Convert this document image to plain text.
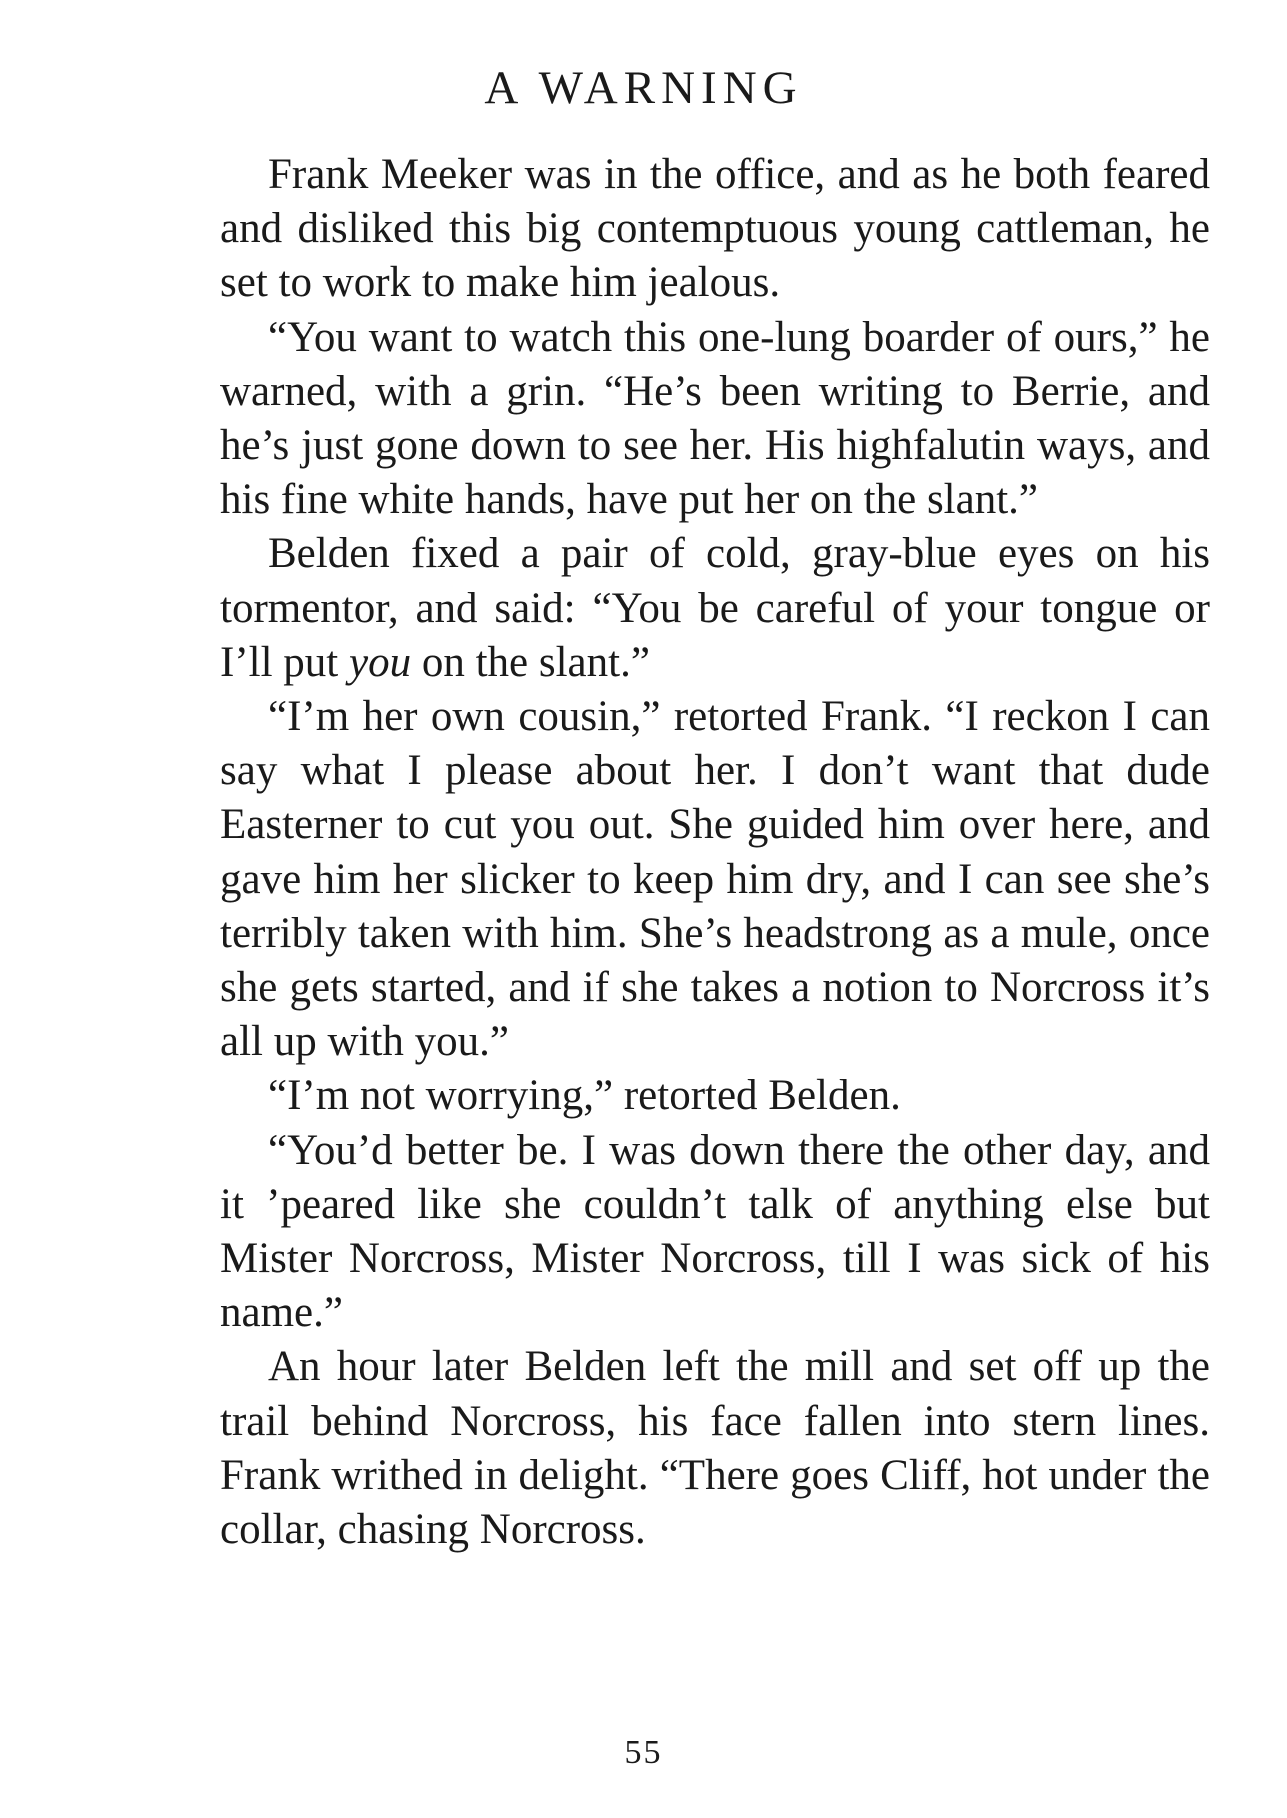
A WARNING

Frank Meeker was in the office, and as he both feared and disliked this big contemptuous young cattleman, he set to work to make him jealous.

“You want to watch this one-lung boarder of ours,” he warned, with a grin. “He’s been writing to Berrie, and he’s just gone down to see her. His highfalutin ways, and his fine white hands, have put her on the slant.”

Belden fixed a pair of cold, gray-blue eyes on his tormentor, and said: “You be careful of your tongue or I’ll put you on the slant.”

“I’m her own cousin,” retorted Frank. “I reckon I can say what I please about her. I don’t want that dude Easterner to cut you out. She guided him over here, and gave him her slicker to keep him dry, and I can see she’s terribly taken with him. She’s headstrong as a mule, once she gets started, and if she takes a notion to Norcross it’s all up with you.”

“I’m not worrying,” retorted Belden.

“You’d better be. I was down there the other day, and it ’peared like she couldn’t talk of anything else but Mister Norcross, Mister Norcross, till I was sick of his name.”

An hour later Belden left the mill and set off up the trail behind Norcross, his face fallen into stern lines. Frank writhed in delight. “There goes Cliff, hot under the collar, chasing Norcross.

55
